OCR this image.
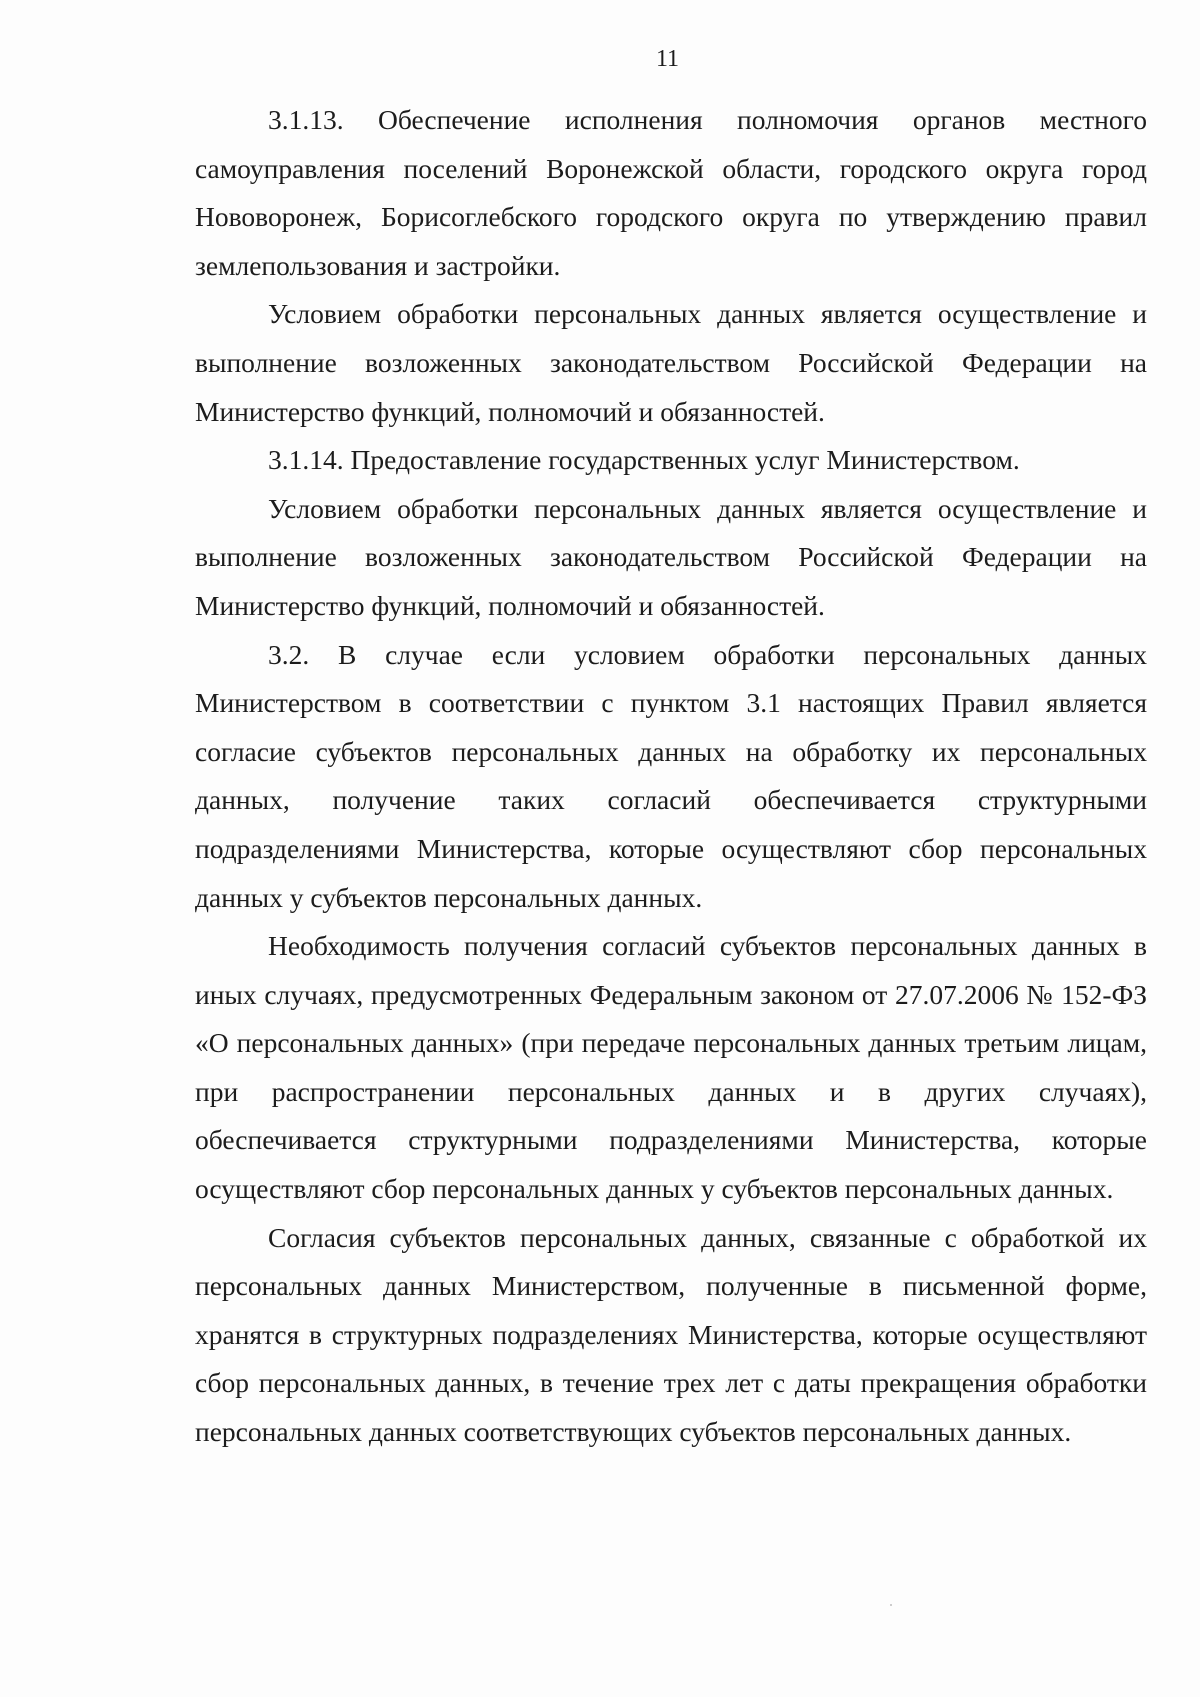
11

3.1.13. Обеспечение исполнения полномочия органов местного самоуправления поселений Воронежской области, городского округа город Нововоронеж, Борисоглебского городского округа по утверждению правил землепользования и застройки.

Условием обработки персональных данных является осуществление и выполнение возложенных законодательством Российской Федерации на Министерство функций, полномочий и обязанностей.

3.1.14. Предоставление государственных услуг Министерством.

Условием обработки персональных данных является осуществление и выполнение возложенных законодательством Российской Федерации на Министерство функций, полномочий и обязанностей.

3.2. В случае если условием обработки персональных данных Министерством в соответствии с пунктом 3.1 настоящих Правил является согласие субъектов персональных данных на обработку их персональных данных, получение таких согласий обеспечивается структурными подразделениями Министерства, которые осуществляют сбор персональных данных у субъектов персональных данных.

Необходимость получения согласий субъектов персональных данных в иных случаях, предусмотренных Федеральным законом от 27.07.2006 № 152-ФЗ «О персональных данных» (при передаче персональных данных третьим лицам, при распространении персональных данных и в других случаях), обеспечивается структурными подразделениями Министерства, которые осуществляют сбор персональных данных у субъектов персональных данных.

Согласия субъектов персональных данных, связанные с обработкой их персональных данных Министерством, полученные в письменной форме, хранятся в структурных подразделениях Министерства, которые осуществляют сбор персональных данных, в течение трех лет с даты прекращения обработки персональных данных соответствующих субъектов персональных данных.
